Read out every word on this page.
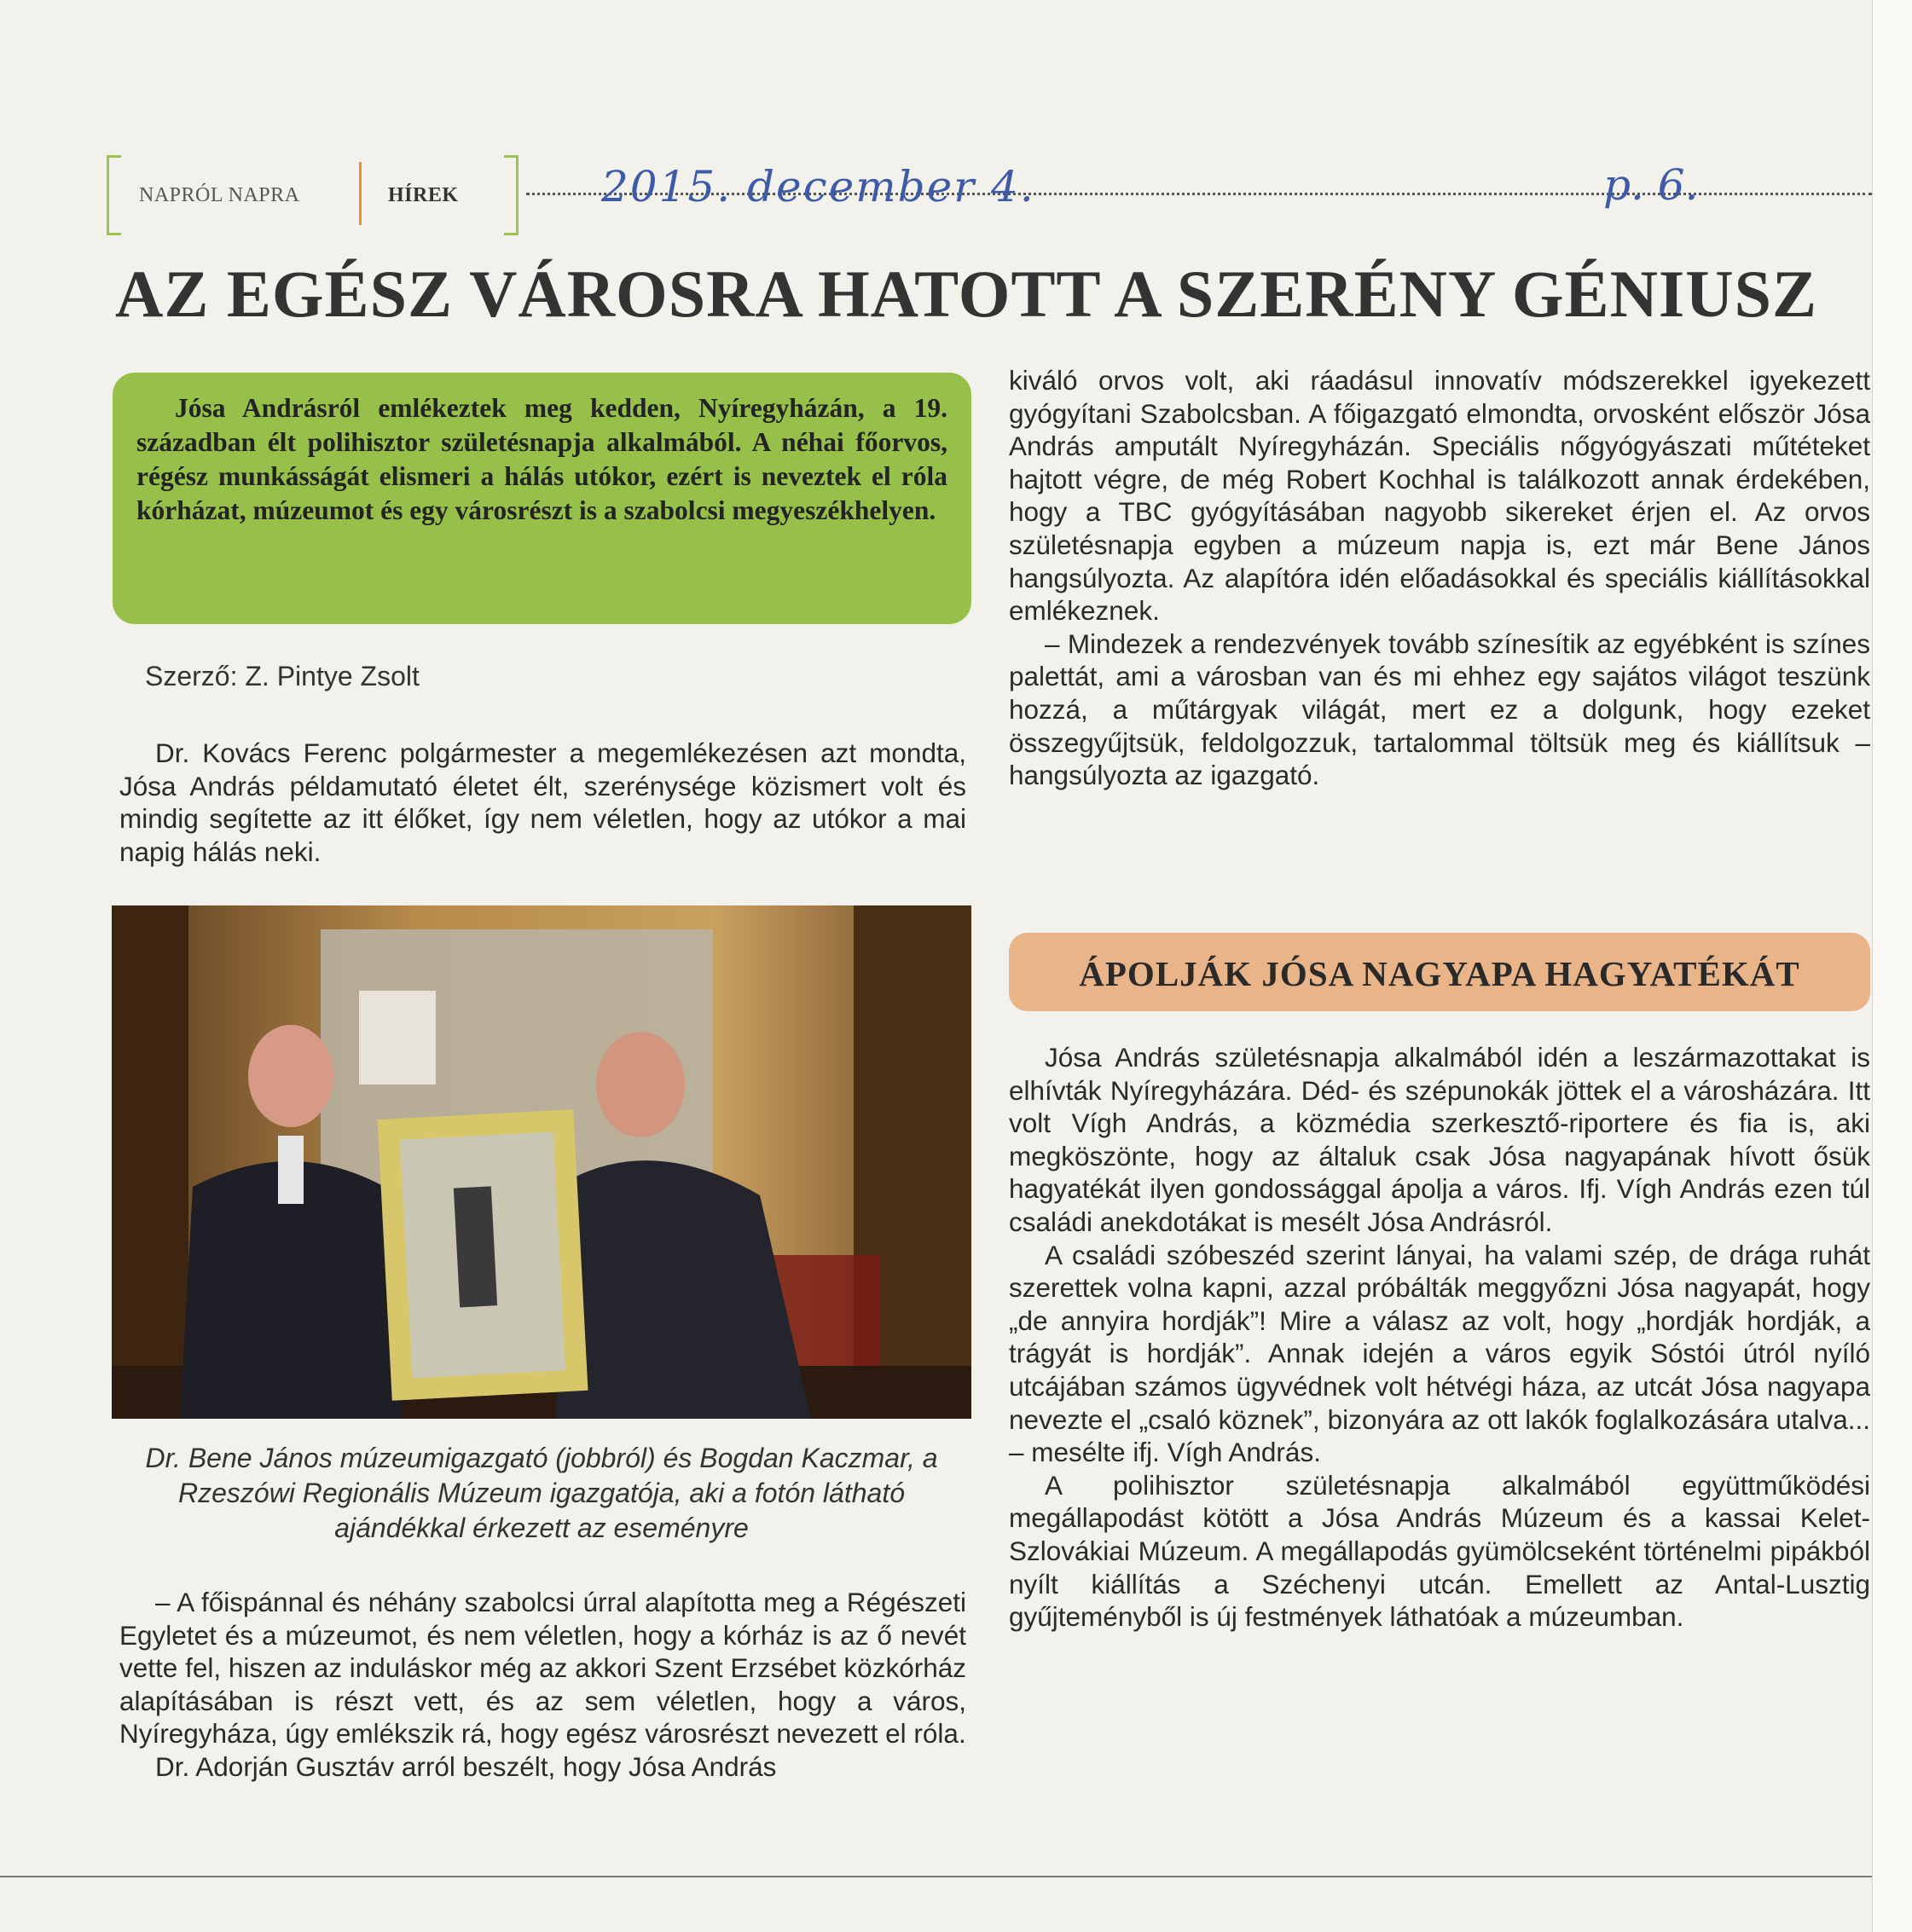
NAPRÓL NAPRA	HÍREK	2015. december 4.	p. 6.
AZ EGÉSZ VÁROSRA HATOTT A SZERÉNY GÉNIUSZ

Jósa Andrásról emlékeztek meg kedden, Nyíregyházán, a 19. században élt polihisztor születésnapja alkalmából. A néhai főorvos, régész munkásságát elismeri a hálás utókor, ezért is neveztek el róla kórházat, múzeumot és egy városrészt is a szabolcsi megyeszékhelyen.

Szerző: Z. Pintye Zsolt

Dr. Kovács Ferenc polgármester a megemlékezésen azt mondta, Jósa András példamutató életet élt, szerénysége közismert volt és mindig segítette az itt élőket, így nem véletlen, hogy az utókor a mai napig hálás neki.

Dr. Bene János múzeumigazgató (jobbról) és Bogdan Kaczmar, a Rzeszówi Regionális Múzeum igazgatója, aki a fotón látható ajándékkal érkezett az eseményre

– A főispánnal és néhány szabolcsi úrral alapította meg a Régészeti Egyletet és a múzeumot, és nem véletlen, hogy a kórház is az ő nevét vette fel, hiszen az induláskor még az akkori Szent Erzsébet közkórház alapításában is részt vett, és az sem véletlen, hogy a város, Nyíregyháza, úgy emlékszik rá, hogy egész városrészt nevezett el róla.

Dr. Adorján Gusztáv arról beszélt, hogy Jósa András

kiváló orvos volt, aki ráadásul innovatív módszerekkel igyekezett gyógyítani Szabolcsban. A főigazgató elmondta, orvosként először Jósa András amputált Nyíregyházán. Speciális nőgyógyászati műtéteket hajtott végre, de még Robert Kochhal is találkozott annak érdekében, hogy a TBC gyógyításában nagyobb sikereket érjen el. Az orvos születésnapja egyben a múzeum napja is, ezt már Bene János hangsúlyozta. Az alapítóra idén előadásokkal és speciális kiállításokkal emlékeznek.

– Mindezek a rendezvények tovább színesítik az egyébként is színes palettát, ami a városban van és mi ehhez egy sajátos világot teszünk hozzá, a műtárgyak világát, mert ez a dolgunk, hogy ezeket összegyűjtsük, feldolgozzuk, tartalommal töltsük meg és kiállítsuk – hangsúlyozta az igazgató.

ÁPOLJÁK JÓSA NAGYAPA HAGYATÉKÁT

Jósa András születésnapja alkalmából idén a leszármazottakat is elhívták Nyíregyházára. Déd- és szépunokák jöttek el a városházára. Itt volt Vígh András, a közmédia szerkesztő-riportere és fia is, aki megköszönte, hogy az általuk csak Jósa nagyapának hívott ősük hagyatékát ilyen gondossággal ápolja a város. Ifj. Vígh András ezen túl családi anekdotákat is mesélt Jósa Andrásról.

A családi szóbeszéd szerint lányai, ha valami szép, de drága ruhát szerettek volna kapni, azzal próbálták meggyőzni Jósa nagyapát, hogy „de annyira hordják”! Mire a válasz az volt, hogy „hordják hordják, a trágyát is hordják”. Annak idején a város egyik Sóstói útról nyíló utcájában számos ügyvédnek volt hétvégi háza, az utcát Jósa nagyapa nevezte el „csaló köznek”, bizonyára az ott lakók foglalkozására utalva... – mesélte ifj. Vígh András.

A polihisztor születésnapja alkalmából együttműködési megállapodást kötött a Jósa András Múzeum és a kassai Kelet-Szlovákiai Múzeum. A megállapodás gyümölcseként történelmi pipákból nyílt kiállítás a Széchenyi utcán. Emellett az Antal-Lusztig gyűjteményből is új festmények láthatóak a múzeumban.
